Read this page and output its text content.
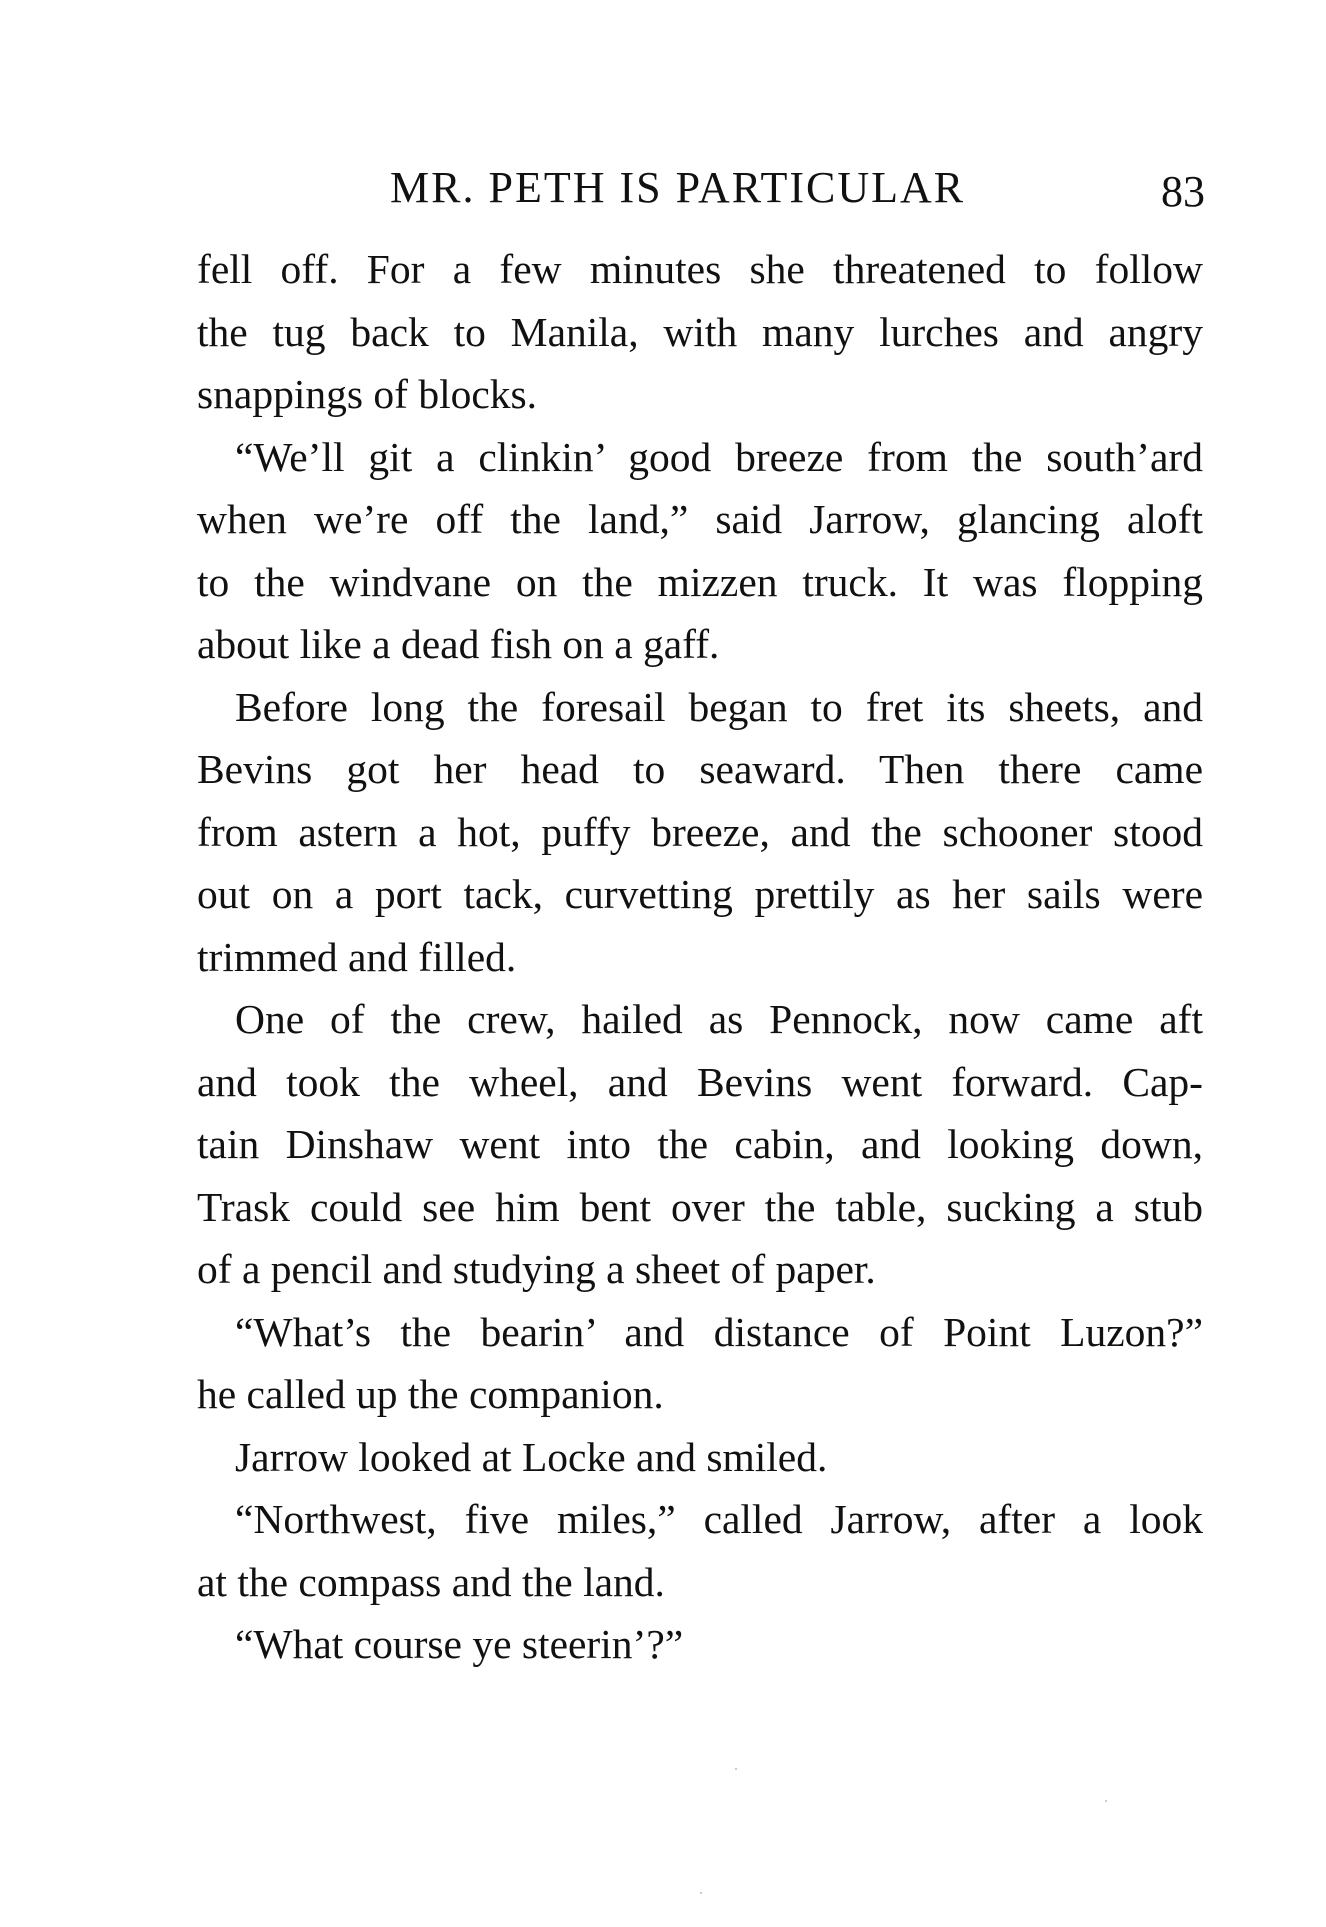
MR. PETH IS PARTICULAR	83

fell off. For a few minutes she threatened to follow
the tug back to Manila, with many lurches and angry
snappings of blocks.

“We’ll git a clinkin’ good breeze from the south’ard
when we’re off the land,” said Jarrow, glancing aloft
to the windvane on the mizzen truck. It was flopping
about like a dead fish on a gaff.

Before long the foresail began to fret its sheets, and
Bevins got her head to seaward. Then there came
from astern a hot, puffy breeze, and the schooner stood
out on a port tack, curvetting prettily as her sails were
trimmed and filled.

One of the crew, hailed as Pennock, now came aft
and took the wheel, and Bevins went forward. Cap-
tain Dinshaw went into the cabin, and looking down,
Trask could see him bent over the table, sucking a stub
of a pencil and studying a sheet of paper.

“What’s the bearin’ and distance of Point Luzon?”
he called up the companion.

Jarrow looked at Locke and smiled.

“Northwest, five miles,” called Jarrow, after a look
at the compass and the land.

“What course ye steerin’?”
